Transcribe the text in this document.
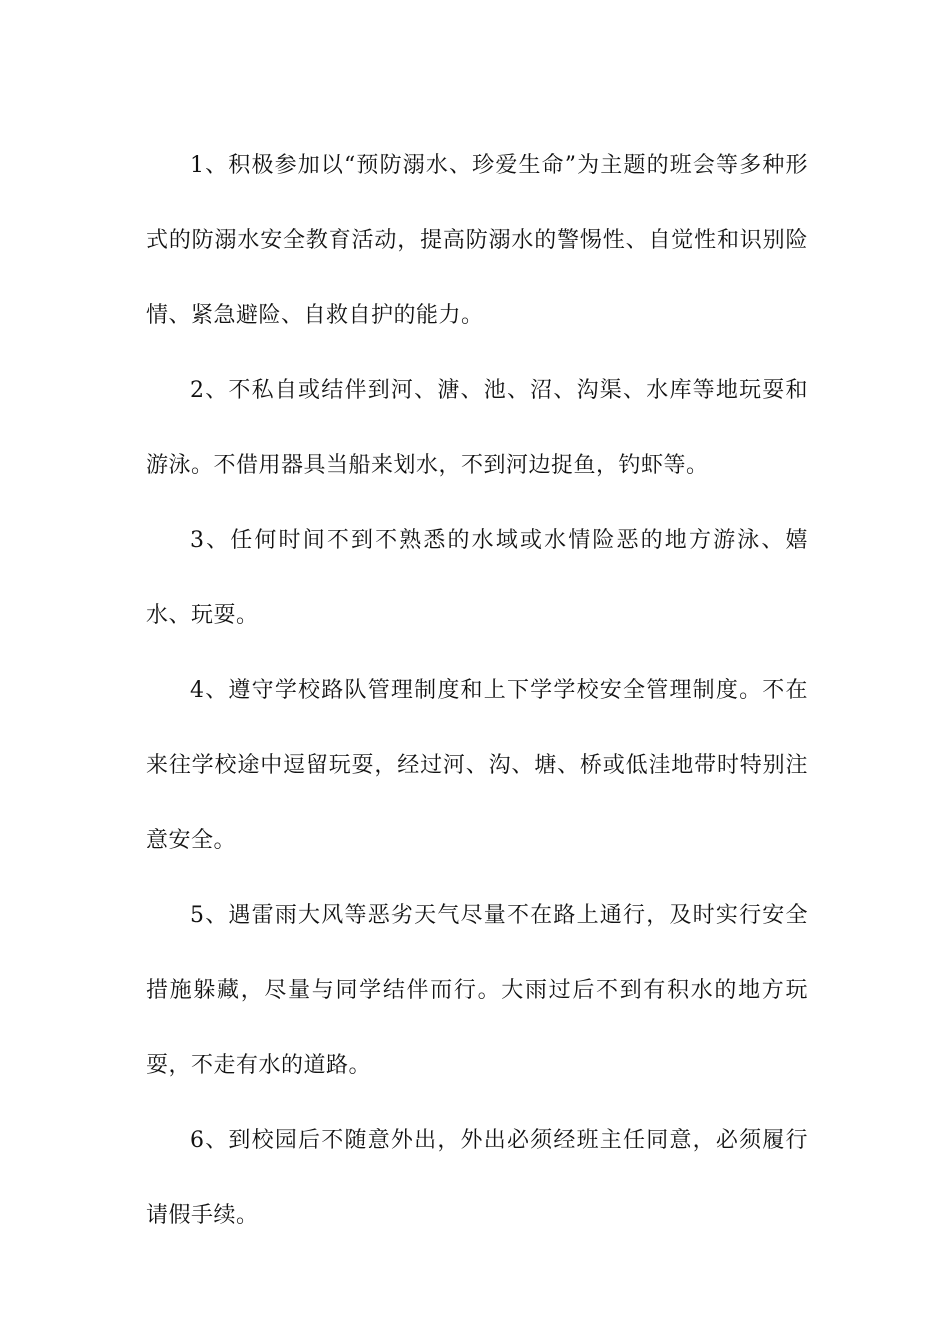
1、积极参加以“预防溺水、珍爱生命”为主题的班会等多种形式的防溺水安全教育活动，提高防溺水的警惕性、自觉性和识别险情、紧急避险、自救自护的能力。

2、不私自或结伴到河、溏、池、沼、沟渠、水库等地玩耍和游泳。不借用器具当船来划水，不到河边捉鱼，钓虾等。

3、任何时间不到不熟悉的水域或水情险恶的地方游泳、嬉水、玩耍。

4、遵守学校路队管理制度和上下学学校安全管理制度。不在来往学校途中逗留玩耍，经过河、沟、塘、桥或低洼地带时特别注意安全。

5、遇雷雨大风等恶劣天气尽量不在路上通行，及时实行安全措施躲藏，尽量与同学结伴而行。大雨过后不到有积水的地方玩耍，不走有水的道路。

6、到校园后不随意外出，外出必须经班主任同意，必须履行请假手续。
